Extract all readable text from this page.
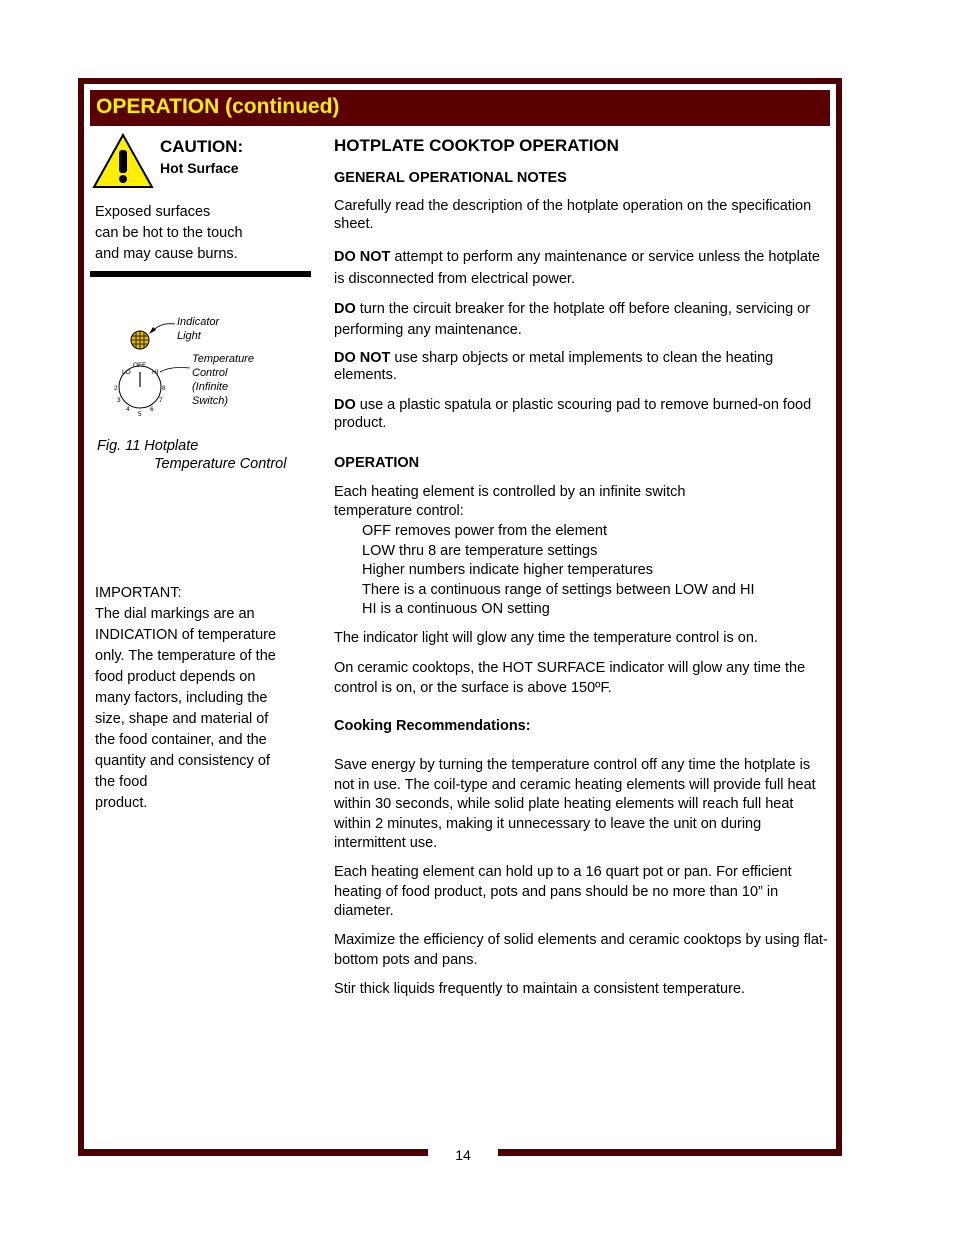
14
OPERATION (continued)
CAUTION:
Hot Surface
Exposed surfaces
can be hot to the touch
and may cause burns.
Indicator
Light
OFF
LO	HI
2
3
4
5
6
7
8
Temperature
Control
(Infinite
Switch)
Fig. 11 Hotplate
Temperature Control
IMPORTANT:
The dial markings are an
INDICATION of temperature
only. The temperature of the
food product depends on
many factors, including the
size, shape and material of
the food container, and the
quantity and consistency of
the food
product.
HOTPLATE COOKTOP OPERATION
GENERAL OPERATIONAL NOTES
Carefully read the description of the hotplate operation on the specification sheet.
DO NOT attempt to perform any maintenance or service unless the hotplate is disconnected from electrical power.
DO turn the circuit breaker for the hotplate off before cleaning, servicing or performing any maintenance.
DO NOT use sharp objects or metal implements to clean the heating elements.
DO use a plastic spatula or plastic scouring pad to remove burned-on food product.
OPERATION
Each heating element is controlled by an infinite switch
temperature control:
OFF removes power from the element
LOW thru 8 are temperature settings
Higher numbers indicate higher temperatures
There is a continuous range of settings between LOW and HI
HI is a continuous ON setting
The indicator light will glow any time the temperature control is on.
On ceramic cooktops, the HOT SURFACE indicator will glow any time the control is on, or the surface is above 150ºF.
Cooking Recommendations:
Save energy by turning the temperature control off any time the hotplate is not in use. The coil-type and ceramic heating elements will provide full heat within 30 seconds, while solid plate heating elements will reach full heat within 2 minutes, making it unnecessary to leave the unit on during intermittent use.
Each heating element can hold up to a 16 quart pot or pan. For efficient heating of food product, pots and pans should be no more than 10” in diameter.
Maximize the efficiency of solid elements and ceramic cooktops by using flat-bottom pots and pans.
Stir thick liquids frequently to maintain a consistent temperature.
